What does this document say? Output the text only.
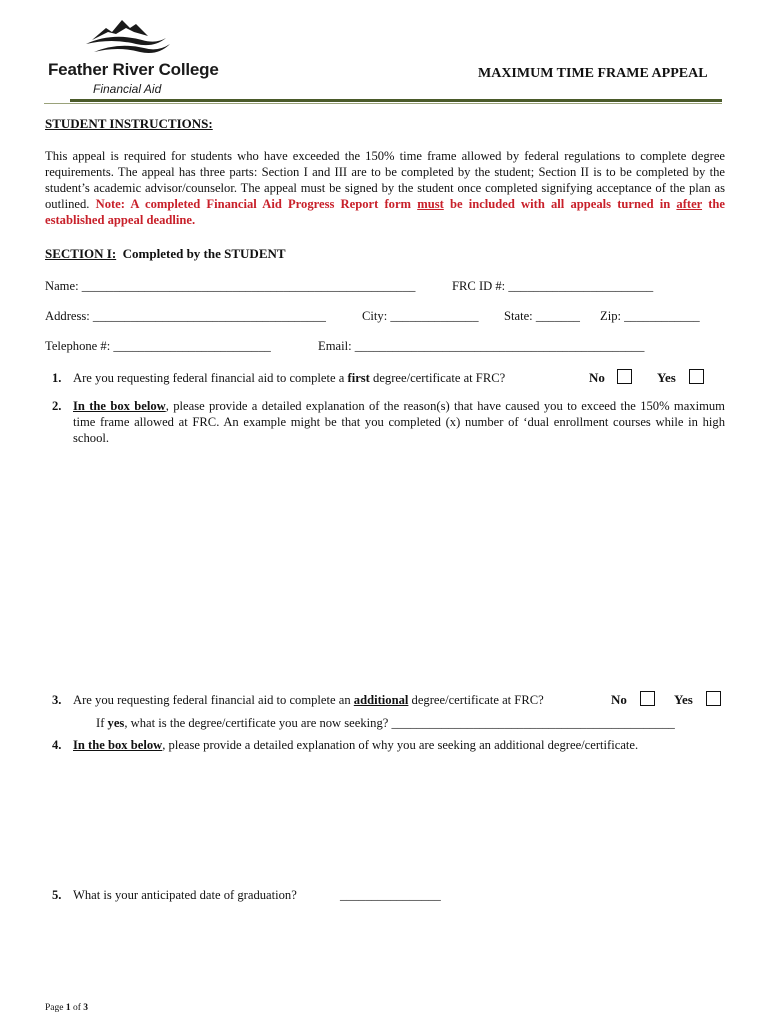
Feather River College
Financial Aid
MAXIMUM TIME FRAME APPEAL
STUDENT INSTRUCTIONS:
This appeal is required for students who have exceeded the 150% time frame allowed by federal regulations to complete degree requirements. The appeal has three parts: Section I and III are to be completed by the student; Section II is to be completed by the student’s academic advisor/counselor. The appeal must be signed by the student once completed signifying acceptance of the plan as outlined. Note: A completed Financial Aid Progress Report form must be included with all appeals turned in after the established appeal deadline.
SECTION I: Completed by the STUDENT
Name: _____________________________________________________	FRC ID #: _______________________
Address: _____________________________________	City: ______________ State: _______ Zip: ____________
Telephone #: _________________________	Email: ______________________________________________
1. Are you requesting federal financial aid to complete a first degree/certificate at FRC?	No	Yes
2. In the box below, please provide a detailed explanation of the reason(s) that have caused you to exceed the 150% maximum time frame allowed at FRC. An example might be that you completed (x) number of ‘dual enrollment courses while in high school.
3. Are you requesting federal financial aid to complete an additional degree/certificate at FRC?	No	Yes
If yes, what is the degree/certificate you are now seeking? _____________________________________________
4. In the box below, please provide a detailed explanation of why you are seeking an additional degree/certificate.
5. What is your anticipated date of graduation?	________________
Page 1 of 3
